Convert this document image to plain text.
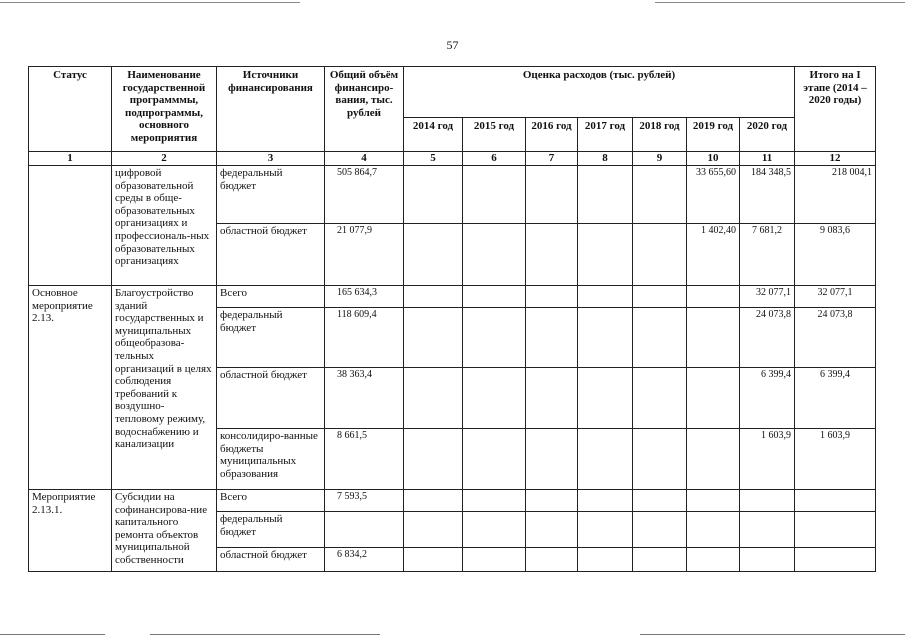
57
Статус	Наименование государственной программмы, подпрограммы, основного мероприятия	Источники финансирования	Общий объём финансиро-вания, тыс. рублей	Оценка расходов (тыс. рублей)							Итого на I этапе (2014 – 2020 годы)
				2014 год	2015 год	2016 год	2017 год	2018 год	2019 год	2020 год	
1	2	3	4	5	6	7	8	9	10	11	12
	цифровой образовательной среды в обще-образовательных организациях и профессиональ-ных образовательных организациях	федеральный бюджет	505 864,7						33 655,60	184 348,5	218 004,1
		областной бюджет	21 077,9						1 402,40	7 681,2	9 083,6
Основное мероприятие 2.13.	Благоустройство зданий государственных и муниципальных общеобразова-тельных организаций в целях соблюдения требований к воздушно-тепловому режиму, водоснабжению и канализации	Всего	165 634,3							32 077,1	32 077,1
		федеральный бюджет	118 609,4							24 073,8	24 073,8
		областной бюджет	38 363,4							6 399,4	6 399,4
		консолидиро-ванные бюджеты муниципальных образования	8 661,5							1 603,9	1 603,9
Мероприятие 2.13.1.	Субсидии на софинансирова-ние капитального ремонта объектов муниципальной собственности	Всего	7 593,5								
		федеральный бюджет									
		областной бюджет	6 834,2								
